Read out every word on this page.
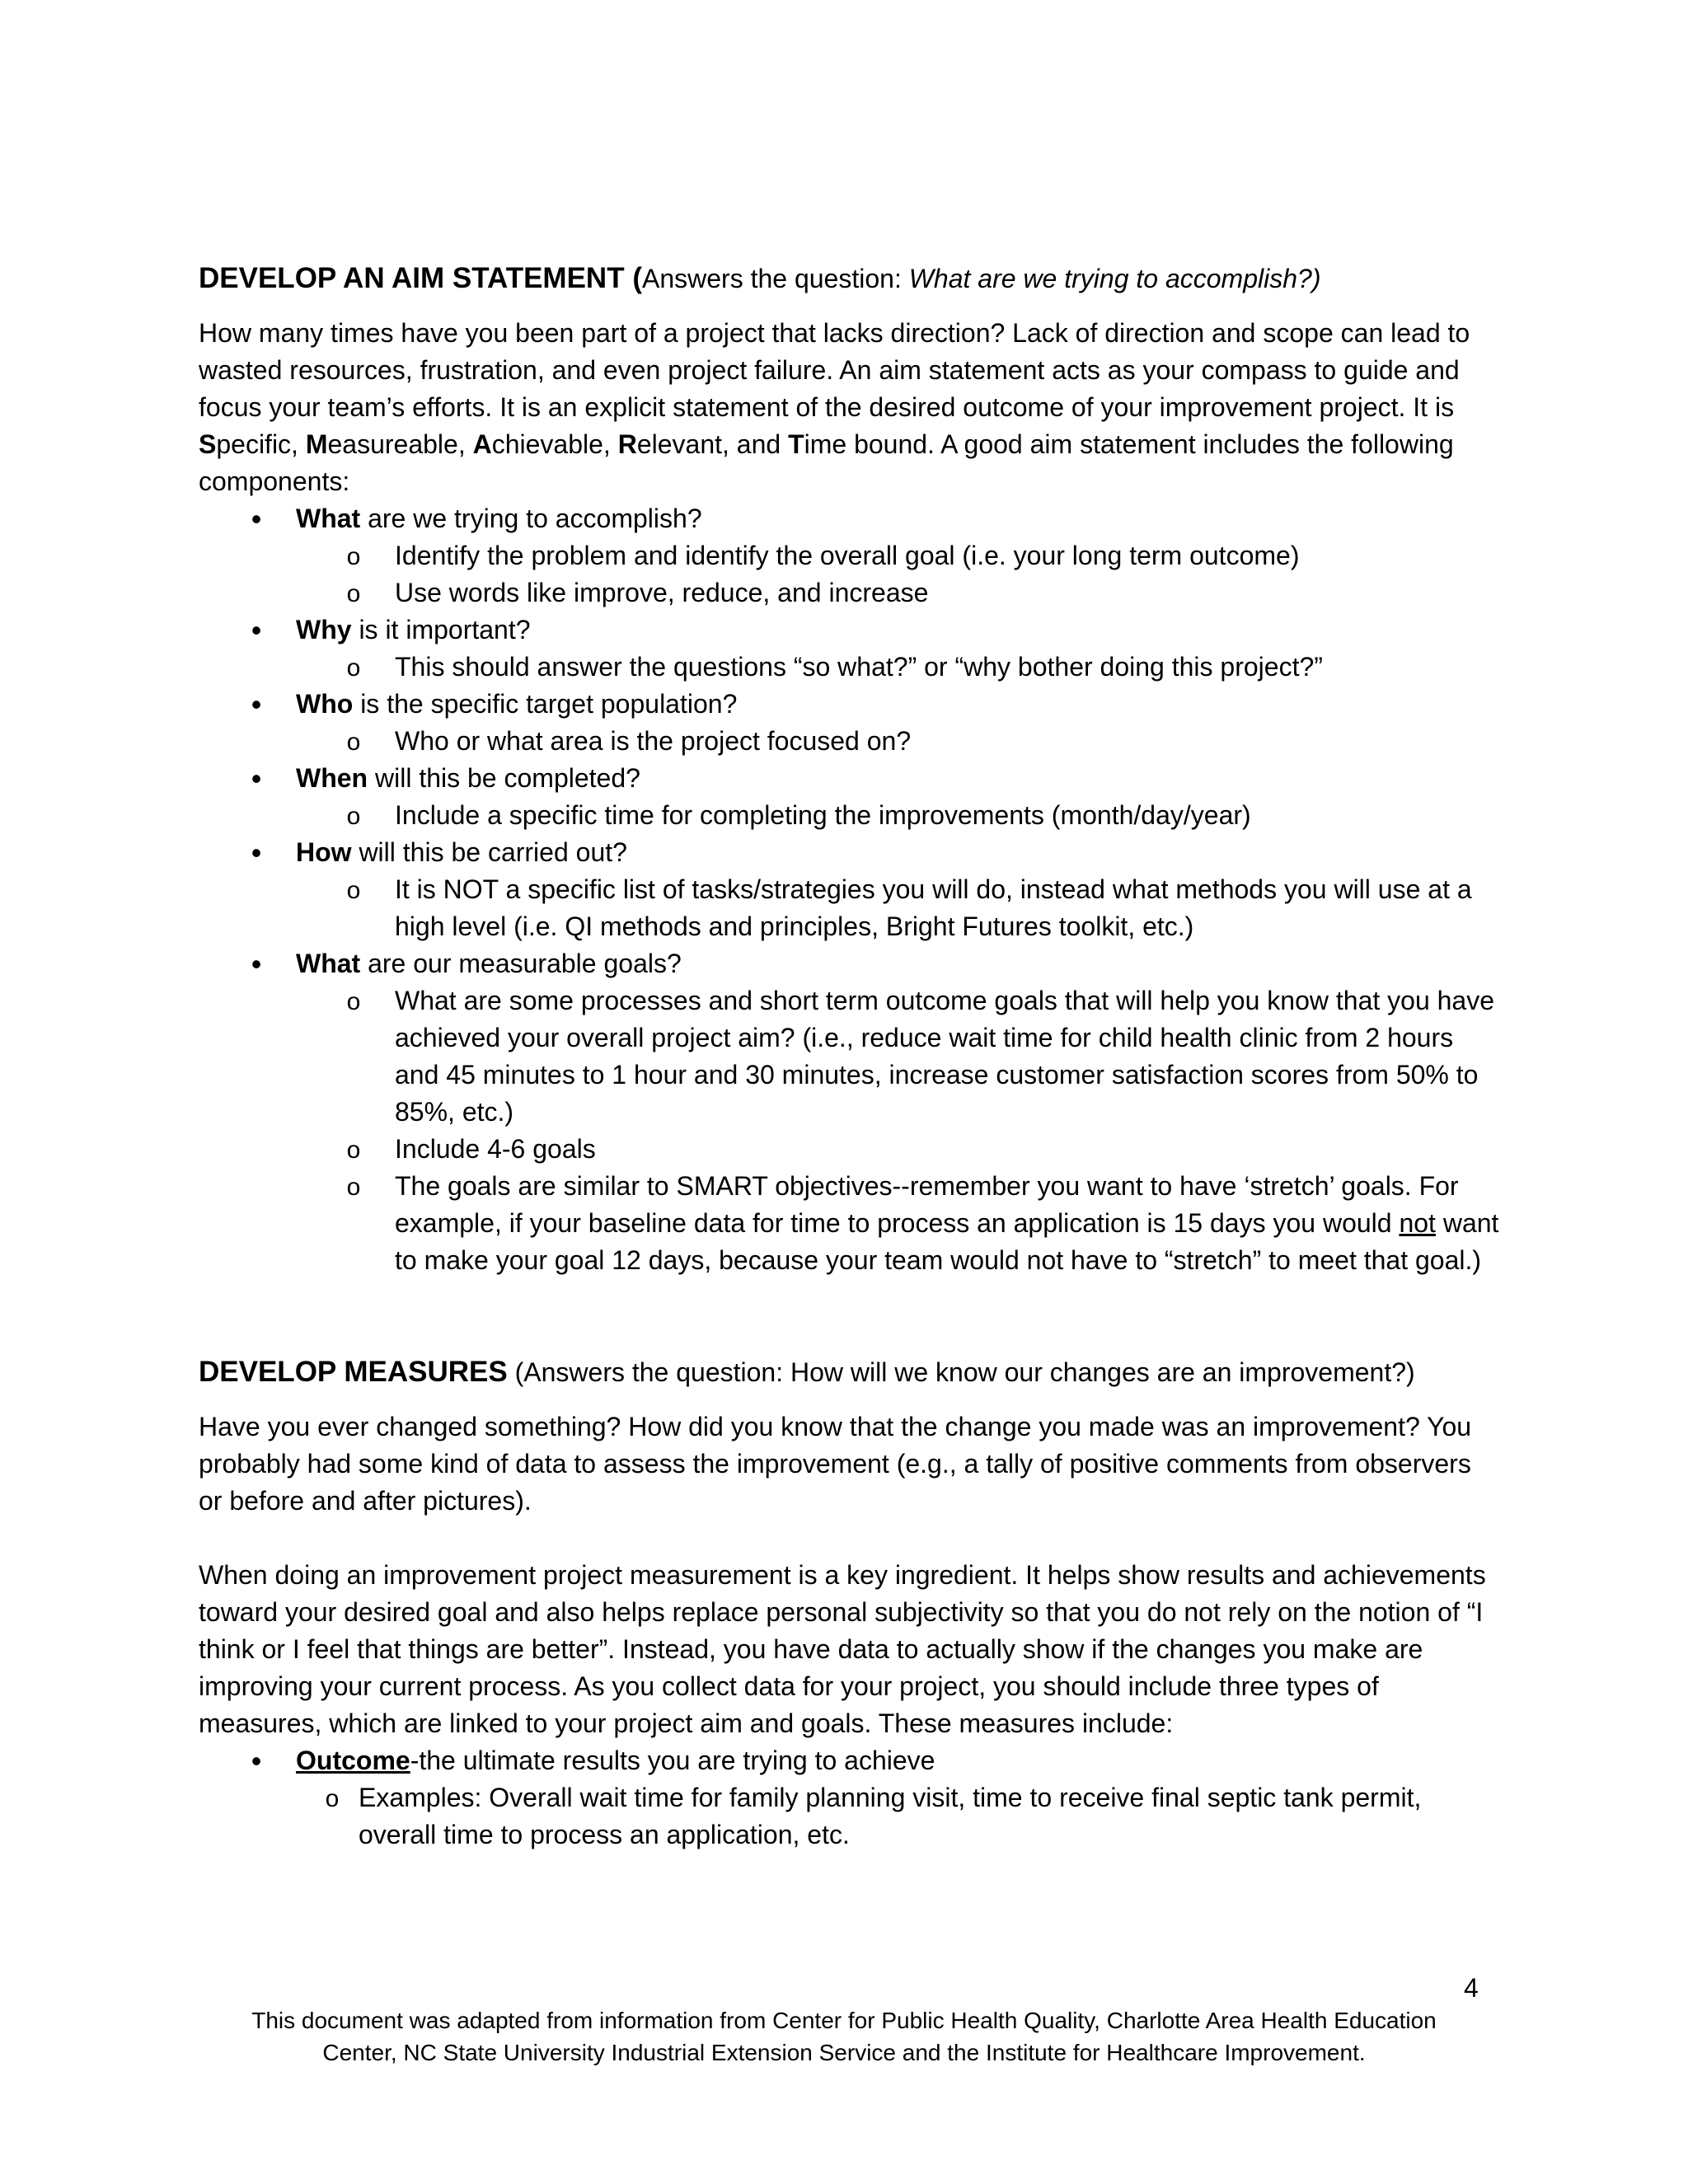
DEVELOP AN AIM STATEMENT (Answers the question: What are we trying to accomplish?)

How many times have you been part of a project that lacks direction? Lack of direction and scope can lead to wasted resources, frustration, and even project failure. An aim statement acts as your compass to guide and focus your team’s efforts. It is an explicit statement of the desired outcome of your improvement project. It is Specific, Measureable, Achievable, Relevant, and Time bound. A good aim statement includes the following components:

•
What are we trying to accomplish?
o
Identify the problem and identify the overall goal (i.e. your long term outcome)
o
Use words like improve, reduce, and increase
•
Why is it important?
o
This should answer the questions “so what?” or “why bother doing this project?”
•
Who is the specific target population?
o
Who or what area is the project focused on?
•
When will this be completed?
o
Include a specific time for completing the improvements (month/day/year)
•
How will this be carried out?
o
It is NOT a specific list of tasks/strategies you will do, instead what methods you will use at a high level (i.e. QI methods and principles, Bright Futures toolkit, etc.)
•
What are our measurable goals?
o
What are some processes and short term outcome goals that will help you know that you have achieved your overall project aim? (i.e., reduce wait time for child health clinic from 2 hours and 45 minutes to 1 hour and 30 minutes, increase customer satisfaction scores from 50% to 85%, etc.)
o
Include 4-6 goals
o
The goals are similar to SMART objectives--remember you want to have ‘stretch’ goals. For example, if your baseline data for time to process an application is 15 days you would not want to make your goal 12 days, because your team would not have to “stretch” to meet that goal.)
DEVELOP MEASURES (Answers the question: How will we know our changes are an improvement?)

Have you ever changed something? How did you know that the change you made was an improvement? You probably had some kind of data to assess the improvement (e.g., a tally of positive comments from observers or before and after pictures).

When doing an improvement project measurement is a key ingredient. It helps show results and achievements toward your desired goal and also helps replace personal subjectivity so that you do not rely on the notion of “I think or I feel that things are better”. Instead, you have data to actually show if the changes you make are improving your current process. As you collect data for your project, you should include three types of measures, which are linked to your project aim and goals. These measures include:

•
Outcome-the ultimate results you are trying to achieve
o
Examples: Overall wait time for family planning visit, time to receive final septic tank permit, overall time to process an application, etc.
4
This document was adapted from information from Center for Public Health Quality, Charlotte Area Health Education Center, NC State University Industrial Extension Service and the Institute for Healthcare Improvement.
